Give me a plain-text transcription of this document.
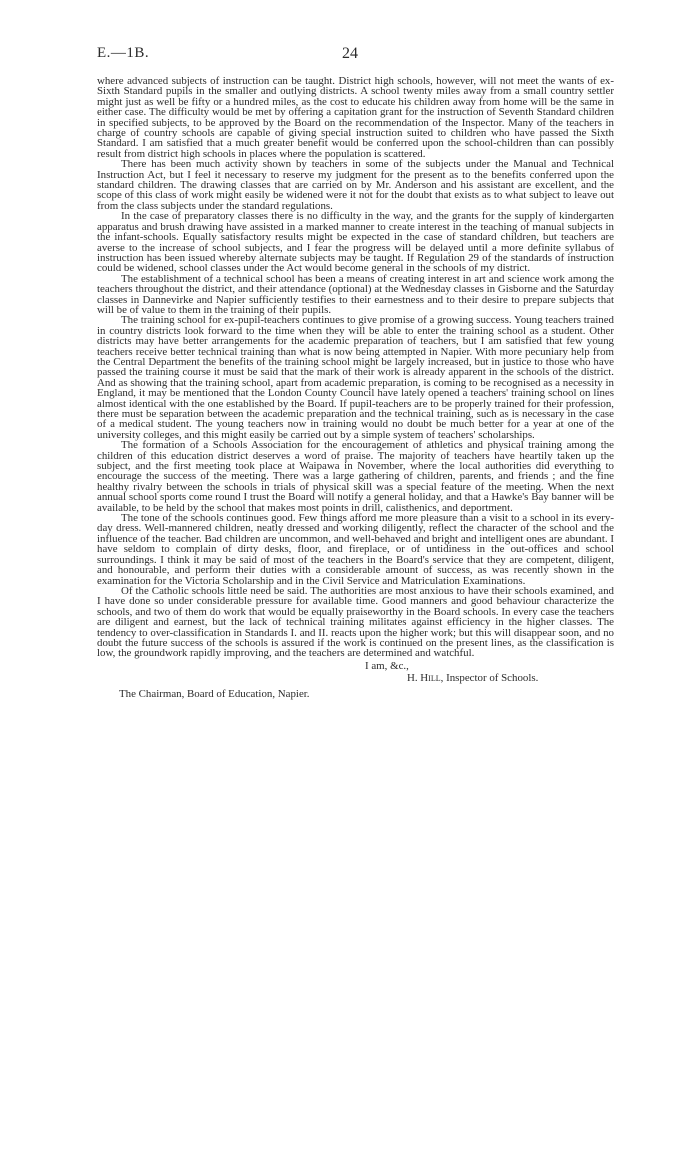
E.—1B.	24

where advanced subjects of instruction can be taught. District high schools, however, will not meet the wants of ex-Sixth Standard pupils in the smaller and outlying districts. A school twenty miles away from a small country settler might just as well be fifty or a hundred miles, as the cost to educate his children away from home will be the same in either case. The difficulty would be met by offering a capitation grant for the instruction of Seventh Standard children in specified subjects, to be approved by the Board on the recommendation of the Inspector. Many of the teachers in charge of country schools are capable of giving special instruction suited to children who have passed the Sixth Standard. I am satisfied that a much greater benefit would be conferred upon the school-children than can possibly result from district high schools in places where the population is scattered.

There has been much activity shown by teachers in some of the subjects under the Manual and Technical Instruction Act, but I feel it necessary to reserve my judgment for the present as to the benefits conferred upon the standard children. The drawing classes that are carried on by Mr. Anderson and his assistant are excellent, and the scope of this class of work might easily be widened were it not for the doubt that exists as to what subject to leave out from the class subjects under the standard regulations.

In the case of preparatory classes there is no difficulty in the way, and the grants for the supply of kindergarten apparatus and brush drawing have assisted in a marked manner to create interest in the teaching of manual subjects in the infant-schools. Equally satisfactory results might be expected in the case of standard children, but teachers are averse to the increase of school subjects, and I fear the progress will be delayed until a more definite syllabus of instruction has been issued whereby alternate subjects may be taught. If Regulation 29 of the standards of instruction could be widened, school classes under the Act would become general in the schools of my district.

The establishment of a technical school has been a means of creating interest in art and science work among the teachers throughout the district, and their attendance (optional) at the Wednesday classes in Gisborne and the Saturday classes in Dannevirke and Napier sufficiently testifies to their earnestness and to their desire to prepare subjects that will be of value to them in the training of their pupils.

The training school for ex-pupil-teachers continues to give promise of a growing success. Young teachers trained in country districts look forward to the time when they will be able to enter the training school as a student. Other districts may have better arrangements for the academic preparation of teachers, but I am satisfied that few young teachers receive better technical training than what is now being attempted in Napier. With more pecuniary help from the Central Department the benefits of the training school might be largely increased, but in justice to those who have passed the training course it must be said that the mark of their work is already apparent in the schools of the district. And as showing that the training school, apart from academic preparation, is coming to be recognised as a necessity in England, it may be mentioned that the London County Council have lately opened a teachers' training school on lines almost identical with the one established by the Board. If pupil-teachers are to be properly trained for their profession, there must be separation between the academic preparation and the technical training, such as is necessary in the case of a medical student. The young teachers now in training would no doubt be much better for a year at one of the university colleges, and this might easily be carried out by a simple system of teachers' scholarships.

The formation of a Schools Association for the encouragement of athletics and physical training among the children of this education district deserves a word of praise. The majority of teachers have heartily taken up the subject, and the first meeting took place at Waipawa in November, where the local authorities did everything to encourage the success of the meeting. There was a large gathering of children, parents, and friends ; and the fine healthy rivalry between the schools in trials of physical skill was a special feature of the meeting. When the next annual school sports come round I trust the Board will notify a general holiday, and that a Hawke's Bay banner will be available, to be held by the school that makes most points in drill, calisthenics, and deportment.

The tone of the schools continues good. Few things afford me more pleasure than a visit to a school in its every-day dress. Well-mannered children, neatly dressed and working diligently, reflect the character of the school and the influence of the teacher. Bad children are uncommon, and well-behaved and bright and intelligent ones are abundant. I have seldom to complain of dirty desks, floor, and fireplace, or of untidiness in the out-offices and school surroundings. I think it may be said of most of the teachers in the Board's service that they are competent, diligent, and honourable, and perform their duties with a considerable amount of success, as was recently shown in the examination for the Victoria Scholarship and in the Civil Service and Matriculation Examinations.

Of the Catholic schools little need be said. The authorities are most anxious to have their schools examined, and I have done so under considerable pressure for available time. Good manners and good behaviour characterize the schools, and two of them do work that would be equally praiseworthy in the Board schools. In every case the teachers are diligent and earnest, but the lack of technical training militates against efficiency in the higher classes. The tendency to over-classification in Standards I. and II. reacts upon the higher work; but this will disappear soon, and no doubt the future success of the schools is assured if the work is continued on the present lines, as the classification is low, the groundwork rapidly improving, and the teachers are determined and watchful.

I am, &c.,
H. Hill, Inspector of Schools.
The Chairman, Board of Education, Napier.
